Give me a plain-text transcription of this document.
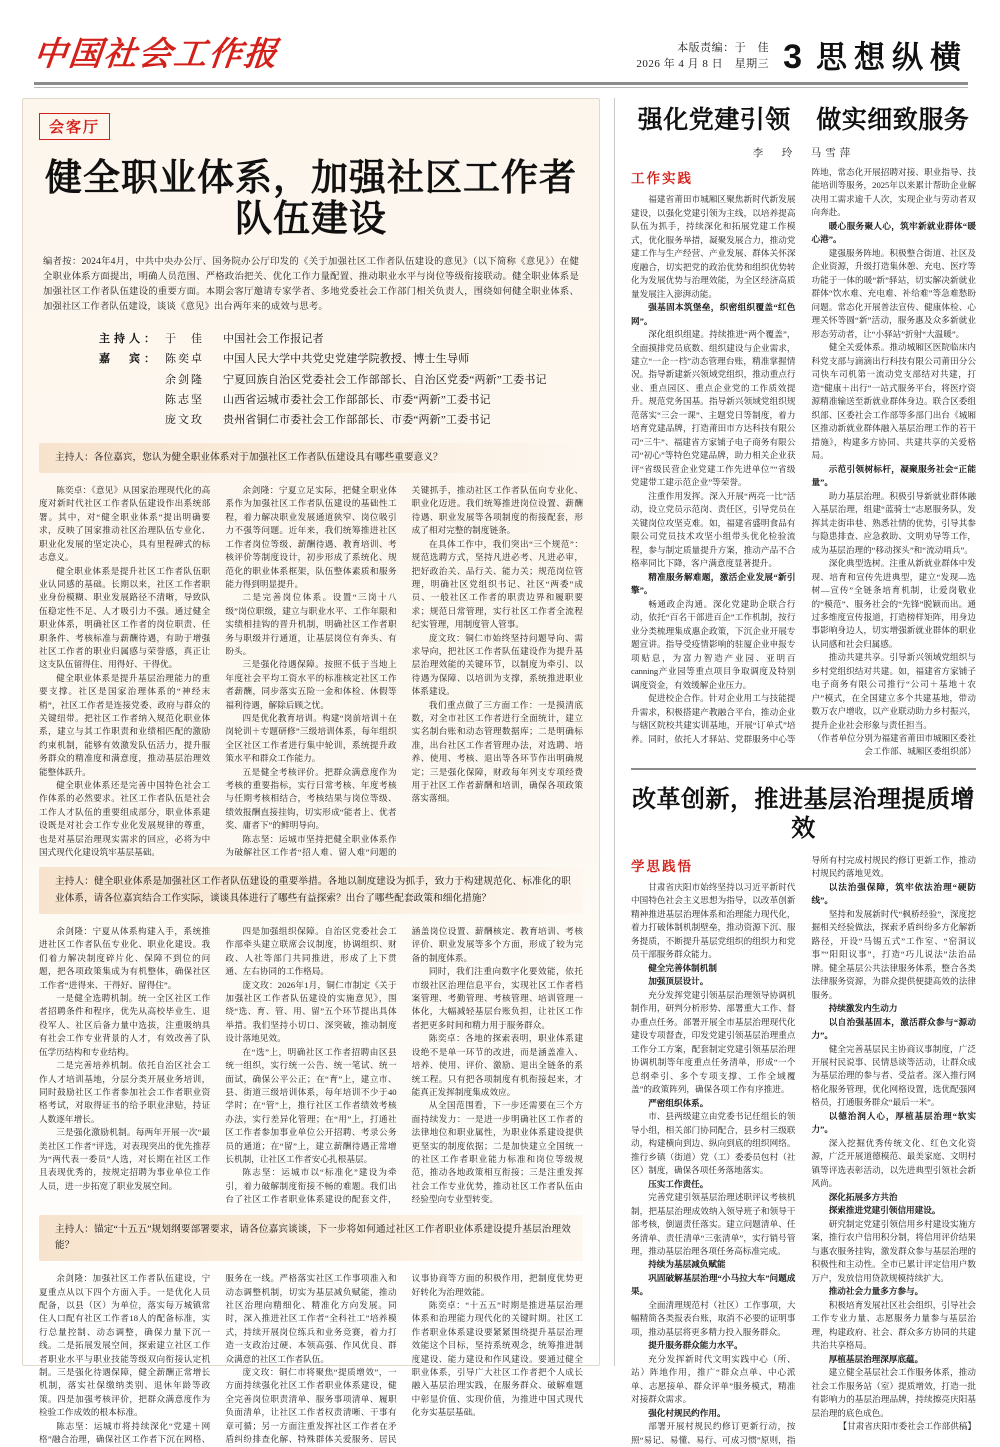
中国社会工作报	本版责编：于　佳
2026 年 4 月 8 日　星期三 3 思想纵横
会客厅
健全职业体系，加强社区工作者队伍建设
编者按：2024年4月，中共中央办公厅、国务院办公厅印发的《关于加强社区工作者队伍建设的意见》（以下简称《意见》）在健全职业体系方面提出，明确人员范围、严格政治把关、优化工作力量配置、推动职业水平与岗位等级衔接联动。健全职业体系是加强社区工作者队伍建设的重要方面。本期会客厅邀请专家学者、多地党委社会工作部门相关负责人，围绕如何健全职业体系、加强社区工作者队伍建设，谈谈《意见》出台两年来的成效与思考。
主持人： 于　佳	中国社会工作报记者
嘉　宾： 陈奕卓	中国人民大学中共党史党建学院教授、博士生导师
余剑隆	宁夏回族自治区党委社会工作部部长、自治区党委“两新”工委书记
陈志坚	山西省运城市委社会工作部部长、市委“两新”工委书记
庞文玫	贵州省铜仁市委社会工作部部长、市委“两新”工委书记
主持人：各位嘉宾，您认为健全职业体系对于加强社区工作者队伍建设具有哪些重要意义？

陈奕卓：《意见》从国家治理现代化的高度对新时代社区工作者队伍建设作出系统部署。其中，对“健全职业体系”提出明确要求，反映了国家推动社区治理队伍专业化、职业化发展的坚定决心，具有里程碑式的标志意义。

健全职业体系是提升社区工作者队伍职业认同感的基础。长期以来，社区工作者职业身份模糊、职业发展路径不清晰，导致队伍稳定性不足、人才吸引力不强。通过健全职业体系，明确社区工作者的岗位职责、任职条件、考核标准与薪酬待遇，有助于增强社区工作者的职业归属感与荣誉感，真正让这支队伍留得住、用得好、干得优。

健全职业体系是提升基层治理能力的重要支撑。社区是国家治理体系的“神经末梢”，社区工作者是连接党委、政府与群众的关键纽带。把社区工作者纳入规范化职业体系，建立与其工作职责和业绩相匹配的激励约束机制，能够有效激发队伍活力，提升服务群众的精准度和满意度，推动基层治理效能整体跃升。

健全职业体系还是完善中国特色社会工作体系的必然要求。社区工作者队伍是社会工作人才队伍的重要组成部分，职业体系建设既是对社会工作专业化发展规律的尊重，也是对基层治理现实需求的回应，必将为中国式现代化建设筑牢基层基础。

余剑隆：宁夏立足实际，把健全职业体系作为加强社区工作者队伍建设的基础性工程，着力解决职业发展通道狭窄、岗位吸引力不强等问题。近年来，我们统筹推进社区工作者岗位等级、薪酬待遇、教育培训、考核评价等制度设计，初步形成了系统化、规范化的职业体系框架，队伍整体素质和服务能力得到明显提升。

二是完善岗位体系。设置“三岗十八级”岗位职级，建立与职业水平、工作年限和实绩相挂钩的晋升机制，明确社区工作者职务与职级并行通道，让基层岗位有奔头、有盼头。

三是强化待遇保障。按照不低于当地上年度社会平均工资水平的标准核定社区工作者薪酬，同步落实五险一金和体检、休假等福利待遇，解除后顾之忧。

四是优化教育培训。构建“岗前培训＋在岗轮训＋专题研修”三级培训体系，每年组织全区社区工作者进行集中轮训，系统提升政策水平和群众工作能力。

五是健全考核评价。把群众满意度作为考核的重要指标，实行日常考核、年度考核与任期考核相结合，考核结果与岗位等级、绩效报酬直接挂钩，切实形成“能者上、优者奖、庸者下”的鲜明导向。

陈志坚：运城市坚持把健全职业体系作为破解社区工作者“招人难、留人难”问题的关键抓手，推动社区工作者队伍向专业化、职业化迈进。我们统筹推进岗位设置、薪酬待遇、职业发展等各项制度的衔接配套，形成了相对完整的制度链条。

在具体工作中，我们突出“三个规范”：规范选聘方式，坚持凡进必考、凡进必审，把好政治关、品行关、能力关；规范岗位管理，明确社区党组织书记、社区“两委”成员、一般社区工作者的职责边界和履职要求；规范日常管理，实行社区工作者全流程纪实管理，用制度管人管事。

庞文玫：铜仁市始终坚持问题导向、需求导向，把社区工作者队伍建设作为提升基层治理效能的关键环节，以制度为牵引、以待遇为保障、以培训为支撑，系统推进职业体系建设。

我们重点做了三方面工作：一是摸清底数，对全市社区工作者进行全面统计，建立实名制台账和动态管理数据库；二是明确标准，出台社区工作者管理办法，对选聘、培养、使用、考核、退出等各环节作出明确规定；三是强化保障，财政每年列支专项经费用于社区工作者薪酬和培训，确保各项政策落实落细。

主持人：健全职业体系是加强社区工作者队伍建设的重要举措。各地以制度建设为抓手，致力于构建规范化、标准化的职业体系，请各位嘉宾结合工作实际，谈谈具体进行了哪些有益探索？出台了哪些配套政策和细化措施？

余剑隆：宁夏从体系构建入手，系统推进社区工作者队伍专业化、职业化建设。我们着力解决制度碎片化、保障不到位的问题，把各项政策集成为有机整体，确保社区工作者“进得来、干得好、留得住”。

一是健全选聘机制。统一全区社区工作者招聘条件和程序，优先从高校毕业生、退役军人、社区后备力量中选拔，注重吸纳具有社会工作专业背景的人才，有效改善了队伍学历结构和专业结构。

二是完善培养机制。依托自治区社会工作人才培训基地，分层分类开展业务培训，同时鼓励社区工作者参加社会工作者职业资格考试，对取得证书的给予职业津贴，持证人数逐年增长。

三是强化激励机制。每两年开展一次“最美社区工作者”评选，对表现突出的优先推荐为“两代表一委员”人选，对长期在社区工作且表现优秀的，按规定招聘为事业单位工作人员，进一步拓宽了职业发展空间。

四是加强组织保障。自治区党委社会工作部牵头建立联席会议制度，协调组织、财政、人社等部门共同推进，形成了上下贯通、左右协同的工作格局。

庞文玫：2026年1月，铜仁市制定《关于加强社区工作者队伍建设的实施意见》，围绕“选、育、管、用、留”五个环节提出具体举措。我们坚持小切口、深突破，推动制度设计落地见效。

在“选”上，明确社区工作者招聘由区县统一组织，实行统一公告、统一笔试、统一面试，确保公平公正；在“育”上，建立市、县、街道三级培训体系，每年培训不少于40学时；在“管”上，推行社区工作者绩效考核办法，实行差异化管理；在“用”上，打通社区工作者参加事业单位公开招聘、考录公务员的通道；在“留”上，建立薪酬待遇正常增长机制，让社区工作者安心扎根基层。

陈志坚：运城市以“标准化”建设为牵引，着力破解制度衔接不畅的难题。我们出台了社区工作者职业体系建设的配套文件，涵盖岗位设置、薪酬核定、教育培训、考核评价、职业发展等多个方面，形成了较为完备的制度体系。

同时，我们注重向数字化要效能，依托市级社区治理信息平台，实现社区工作者档案管理、考勤管理、考核管理、培训管理一体化，大幅减轻基层台账负担，让社区工作者把更多时间和精力用于服务群众。

陈奕卓：各地的探索表明，职业体系建设绝不是单一环节的改进，而是涵盖准入、培养、使用、评价、激励、退出全链条的系统工程。只有把各项制度有机衔接起来，才能真正发挥制度集成效应。

从全国范围看，下一步还需要在三个方面持续发力：一是进一步明确社区工作者的法律地位和职业属性，为职业体系建设提供更坚实的制度依据；二是加快建立全国统一的社区工作者职业能力标准和岗位等级规范，推动各地政策相互衔接；三是注重发挥社会工作专业优势，推动社区工作者队伍由经验型向专业型转变。

主持人：锚定“十五五”规划纲要部署要求，请各位嘉宾谈谈，下一步将如何通过社区工作者职业体系建设提升基层治理效能？

余剑隆：加强社区工作者队伍建设，宁夏重点从以下四个方面入手。一是优化人员配备，以县（区）为单位，落实每万城镇常住人口配有社区工作者18人的配备标准，实行总量控制、动态调整，确保力量下沉一线。二是拓展发展空间，探索建立社区工作者职业水平与职业技能等级双向衔接认定机制。三是强化待遇保障，健全薪酬正常增长机制，落实社保缴纳类别、退休年龄等政策。四是加强考核评价，把群众满意度作为检验工作成效的根本标准。

陈志坚：运城市将持续深化“党建＋网格”融合治理，确保社区工作者下沉在网格、服务在一线。严格落实社区工作事项准入和动态调整机制，切实为基层减负赋能，推动社区治理向精细化、精准化方向发展。同时，深入推进社区工作者“全科社工”培养模式，持续开展岗位练兵和业务竞赛，着力打造一支政治过硬、本领高强、作风优良、群众满意的社区工作者队伍。

庞文玫：铜仁市将聚焦“提质增效”，一方面持续强化社区工作者职业体系建设，健全完善岗位职责清单、服务事项清单、履职负面清单，让社区工作者权责清晰、干事有章可循；另一方面注重发挥社区工作者在矛盾纠纷排查化解、特殊群体关爱服务、居民议事协商等方面的积极作用，把制度优势更好转化为治理效能。

陈奕卓：“十五五”时期是推进基层治理体系和治理能力现代化的关键时期。社区工作者职业体系建设要紧紧围绕提升基层治理效能这个目标，坚持系统观念，统筹推进制度建设、能力建设和作风建设。要通过健全职业体系，引导广大社区工作者把个人成长融入基层治理实践，在服务群众、破解难题中彰显价值、实现价值，为推进中国式现代化夯实基层基础。

强化党建引领　做实细致服务
李　玲　马雪萍
工作实践

福建省莆田市城厢区聚焦新时代新发展建设，以强化党建引领为主线，以培养提高队伍为抓手，持续深化和拓展党建工作模式，优化服务举措，凝聚发展合力，推动党建工作与生产经营、产业发展、群体关怀深度融合，切实把党的政治优势和组织优势转化为发展优势与治理效能，为全区经济高质量发展注入澎湃动能。

强基固本筑堡垒，织密组织覆盖“红色网”。

深化组织组建。持续推进“两个覆盖”，全面摸排党员底数、组织建设与企业需求，建立“一企一档”动态管理台账，精准掌握情况。指导新建新兴领域党组织，推动重点行业、重点园区、重点企业党的工作质效提升。规范党务国基。指导新兴领域党组织规范落实“三会一课”、主题党日等制度，着力培育党建品牌，打造莆田市方达科技有限公司“三牛”、福建省方家铺子电子商务有限公司“初心”等特色党建品牌，助力相关企业获评“省级民营企业党建工作先进单位”“省级党建带工建示范企业”等荣誉。

注重作用发挥。深入开展“两亮一比”活动，设立党员示范岗、责任区，引导党员在关键岗位攻坚克难。如，福建省盛明食品有限公司党员技术攻坚小组带头优化检验流程，参与制定质量提升方案，推动产品不合格率同比下降，客户满意度显著提升。

精准服务解难题，激活企业发展“新引擎”。

畅通政企沟通。深化党建助企联合行动，依托“百名干部进百企”工作机制，按行业分类梳理集成惠企政策，下沉企业开展专题宣讲。指导受疫情影响的驻厦企业申报专项贴息，为富力智造产业园、亚明百canning产业园等重点项目争取调度及特别调度资金，有效缓解企业压力。

促进校企合作。针对企业用工与技能提升需求，积极搭建产教融合平台，推动企业与辖区院校共建实训基地，开展“订单式”培养。同时，依托人才驿站、党群服务中心等阵地，常态化开展招聘对接、职业指导、技能培训等服务，2025年以来累计帮助企业解决用工需求逾千人次，实现企业与劳动者双向奔赴。

暖心服务聚人心，筑牢新就业群体“暖心港”。

建强服务阵地。积极整合街道、社区及企业资源，升级打造集休憩、充电、医疗等功能于一体的暖“新”驿站，切实解决新就业群体“饮水难、充电难、补给难”等急难愁盼问题。常态化开展普法宣传、健康体检、心理关怀等圆“新”活动，服务惠及众多新就业形态劳动者，让“小驿站”折射“大温暖”。

健全关爱体系。推动城厢区医院临床内科党支部与滴滴出行科技有限公司莆田分公司快车司机第一流动党支部结对共建，打造“健康＋出行”一站式服务平台，将医疗资源精准输送至新就业群体身边。联合区委组织部、区委社会工作部等多部门出台《城厢区推动新就业群体融入基层治理工作的若干措施》，构建多方协同、共建共享的关爱格局。

示范引领树标杆，凝聚服务社会“正能量”。

助力基层治理。积极引导新就业群体融入基层治理，组建“蓝骑士”志愿服务队，发挥其走街串巷、熟悉社情的优势，引导其参与隐患排查、应急救助、文明劝导等工作，成为基层治理的“移动探头”和“流动哨兵”。

深化典型选树。注重从新就业群体中发现、培育和宣传先进典型，建立“发现—选树—宣传”全链条培育机制，让爱岗敬业的“模范”、服务社会的“先锋”脱颖而出。通过多维度宣传报道，打造榜样矩阵，用身边事影响身边人，切实增强新就业群体的职业认同感和社会归属感。

推动共建共享。引导新兴领域党组织与乡村党组织结对共建。如，福建省方家铺子电子商务有限公司推行“公司＋基地＋农户”模式，在全国建立多个共建基地，带动数万农户增收，以产业联动助力乡村振兴，提升企业社会形象与责任担当。

（作者单位分别为福建省莆田市城厢区委社会工作部、城厢区委组织部）
改革创新，推进基层治理提质增效
学思践悟

甘肃省庆阳市始终坚持以习近平新时代中国特色社会主义思想为指导，以改革创新精神推进基层治理体系和治理能力现代化，着力打破体制机制壁垒，推动资源下沉、服务提质，不断提升基层党组织的组织力和党员干部服务群众能力。

健全完善体制机制

加强顶层设计。

充分发挥党建引领基层治理领导协调机制作用，研判分析形势、部署重大工作、督办重点任务。部署开展全市基层治理现代化建设专项督查，印发党建引领基层治理重点工作分工方案，配套制定党建引领基层治理协调机制等年度重点任务清单，形成“一个总纲牵引、多个专项支撑、工作全域覆盖”的政策阵列，确保各项工作有序推进。

严密组织体系。

市、县两级建立由党委书记任组长的领导小组，相关部门协同配合，县乡村三级联动，构建横向到边、纵向到底的组织网络。推行乡镇（街道）党（工）委委员包村（社区）制度，确保各项任务落地落实。

压实工作责任。

完善党建引领基层治理述职评议考核机制，把基层治理成效纳入领导班子和领导干部考核，倒逼责任落实。建立问题清单、任务清单、责任清单“三张清单”，实行销号管理，推动基层治理各项任务高标准完成。

持续为基层减负赋能

巩固破解基层治理“小马拉大车”问题成果。

全面清理规范村（社区）工作事项，大幅精简各类报表台账，取消不必要的证明事项，推动基层将更多精力投入服务群众。

提升服务群众能力水平。

充分发挥新时代文明实践中心（所、站）阵地作用，推广“群众点单、中心派单、志愿接单、群众评单”服务模式，精准对接群众需求。

强化村规民约作用。

部署开展村规民约修订更新行动，按照“易记、易懂、易行、可成习惯”原则，指导所有村完成村规民约修订更新工作，推动村规民约落地见效。

以法治强保障，筑牢依法治理“硬防线”。

坚持和发展新时代“枫桥经验”，深度挖掘相关经验做法，探索矛盾纠纷多方化解新路径，开设“马锡五式”工作室、“窑洞议事”“阳阳议事”，打造“巧儿说法”法治品牌。健全基层公共法律服务体系，整合各类法律服务资源，为群众提供便捷高效的法律服务。

持续激发内生动力

以自治强基固本，激活群众参与“源动力”。

健全完善基层民主协商议事制度，广泛开展村民说事、民情恳谈等活动，让群众成为基层治理的参与者、受益者。深入推行网格化服务管理，优化网格设置，选优配强网格员，打通服务群众“最后一米”。

以德治润人心，厚植基层治理“软实力”。

深入挖掘优秀传统文化、红色文化资源，广泛开展道德模范、最美家庭、文明村镇等评选表彰活动，以先进典型引领社会新风尚。

深化拓展多方共治

探索推进党建引领信用建设。

研究制定党建引领信用乡村建设实施方案，推行农户信用积分制，将信用评价结果与惠农服务挂钩，激发群众参与基层治理的积极性和主动性。全市已累计评定信用户数万户，发放信用贷款规模持续扩大。

推动社会力量多方参与。

积极培育发展社区社会组织，引导社会工作专业力量、志愿服务力量参与基层治理，构建政府、社会、群众多方协同的共建共治共享格局。

厚植基层治理深厚底蕴。

建立健全基层社会工作服务体系，推动社会工作服务站（室）提质增效，打造一批有影响力的基层治理品牌，持续擦亮庆阳基层治理的底色成色。

【甘肃省庆阳市委社会工作部供稿】
